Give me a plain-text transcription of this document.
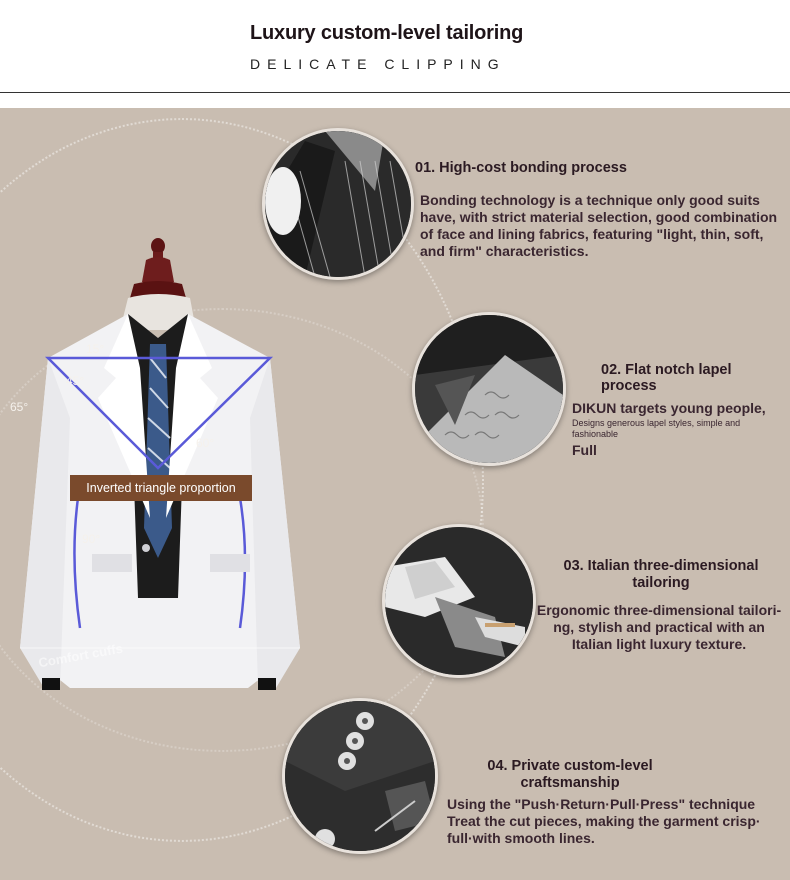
Luxury custom-level tailoring
DELICATE CLIPPING
15°
45°
65°
60°
90°
Inverted triangle proportion
Comfort cuffs
01. High-cost bonding process
Bonding technology is a technique only good suits
have, with strict material selection, good combination
of face and lining fabrics, featuring "light, thin, soft,
and firm" characteristics.
02. Flat notch lapel process
DIKUN targets young people,
Designs generous lapel styles, simple and
fashionable
Full
03. Italian three-dimensional
tailoring
Ergonomic three-dimensional tailori-
ng, stylish and practical with an
Italian light luxury texture.
04. Private custom-level
craftsmanship
Using the "Push·Return·Pull·Press" technique
Treat the cut pieces, making the garment crisp·
full·with smooth lines.
